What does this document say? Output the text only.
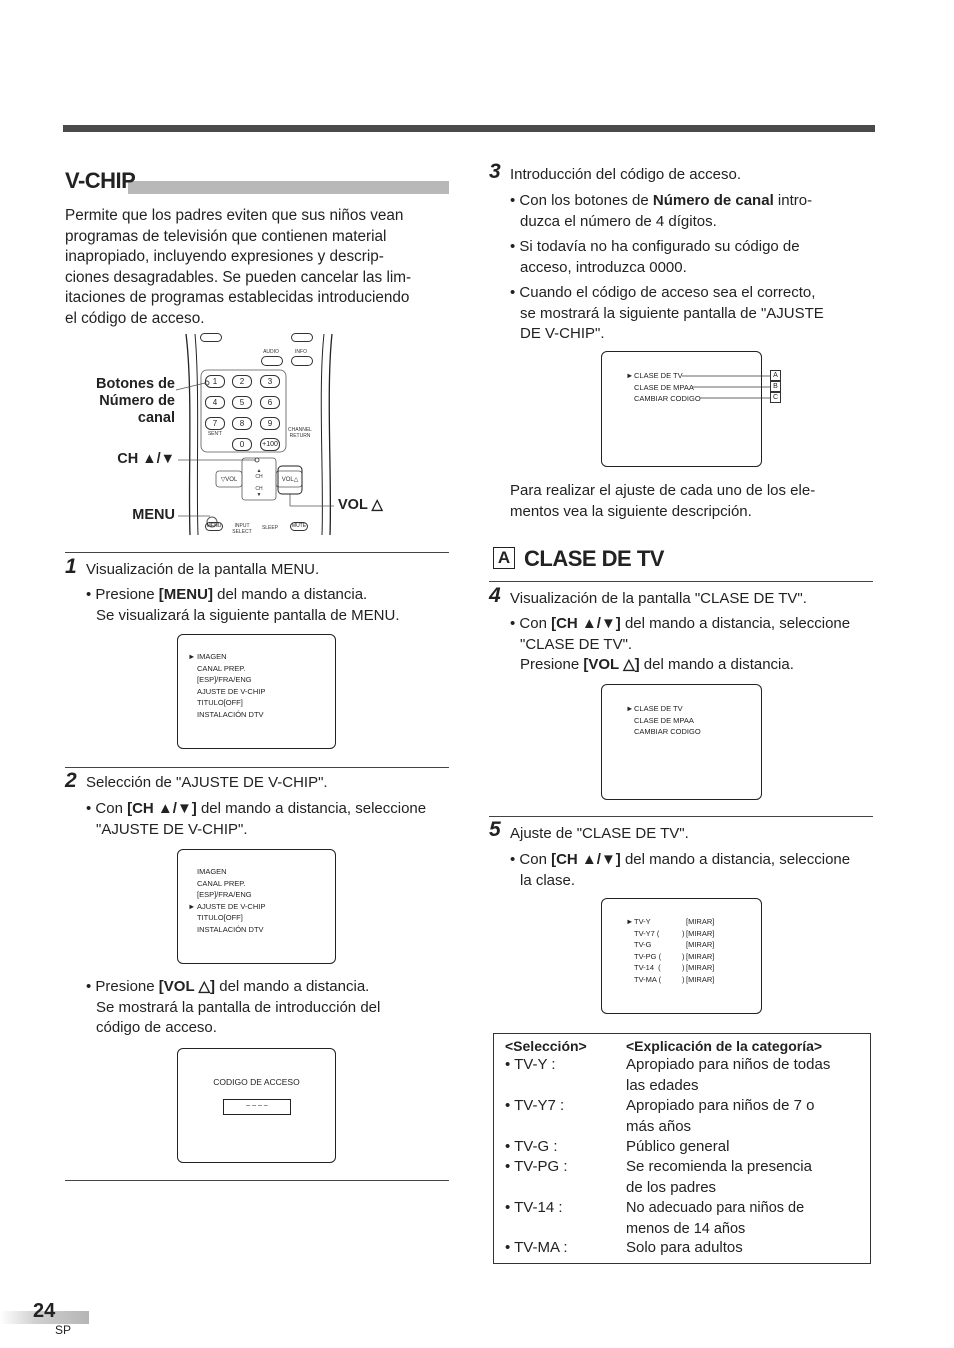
V-CHIP
Permite que los padres eviten que sus niños vean
programas de televisión que contienen material
inapropiado, incluyendo expresiones y descrip-
ciones desagradables. Se pueden cancelar las lim-
itaciones de programas establecidas introduciendo
el código de acceso.
AUDIO	INFO
1	2	3
4	5	6
7	8	9
SEN'T
0	+100
CHANNEL RETURN
▲
CH
CH
▼
▽VOL	VOL△
MENU	INPUT SELECT
SLEEP	MUTE
Botones de
Número de
canal
CH ▲/▼
MENU
VOL △
1 Visualización de la pantalla MENU.
• Presione [MENU] del mando a distancia.
Se visualizará la siguiente pantalla de MENU.
► IMAGEN
CANAL PREP.
[ESP]/FRA/ENG
AJUSTE DE V-CHIP
TITULO[OFF]
INSTALACIÓN DTV
2 Selección de "AJUSTE DE V-CHIP".
• Con [CH ▲/▼] del mando a distancia, seleccione
"AJUSTE DE V-CHIP".
►
IMAGEN
CANAL PREP.
[ESP]/FRA/ENG
AJUSTE DE V-CHIP
TITULO[OFF]
INSTALACIÓN DTV
• Presione [VOL △] del mando a distancia.
Se mostrará la pantalla de introducción del
código de acceso.
CODIGO DE ACCESO
– – – –
3 Introducción del código de acceso.
• Con los botones de Número de canal intro-
duzca el número de 4 dígitos.
• Si todavía no ha configurado su código de
acceso, introduzca 0000.
• Cuando el código de acceso sea el correcto,
se mostrará la siguiente pantalla de "AJUSTE
DE V-CHIP".
► CLASE DE TV
CLASE DE MPAA
CAMBIAR CODIGO
A
B
C
Para realizar el ajuste de cada uno de los ele-
mentos vea la siguiente descripción.
A CLASE DE TV
4 Visualización de la pantalla "CLASE DE TV".
• Con [CH ▲/▼] del mando a distancia, seleccione
"CLASE DE TV".
Presione [VOL △] del mando a distancia.
► CLASE DE TV
CLASE DE MPAA
CAMBIAR CODIGO
5 Ajuste de "CLASE DE TV".
• Con [CH ▲/▼] del mando a distancia, seleccione
la clase.
► TV-Y	[MIRAR]
TV-Y7 (	) [MIRAR]
TV-G	[MIRAR]
TV-PG (	) [MIRAR]
TV-14  (	) [MIRAR]
TV-MA (	) [MIRAR]
<Selección>	<Explicación de la categoría>
• TV-Y :	Apropiado para niños de todas
las edades
• TV-Y7 :	Apropiado para niños de 7 o
más años
• TV-G :	Público general
• TV-PG :	Se recomienda la presencia
de los padres
• TV-14 :	No adecuado para niños de
menos de 14 años
• TV-MA :	Solo para adultos
24
SP
